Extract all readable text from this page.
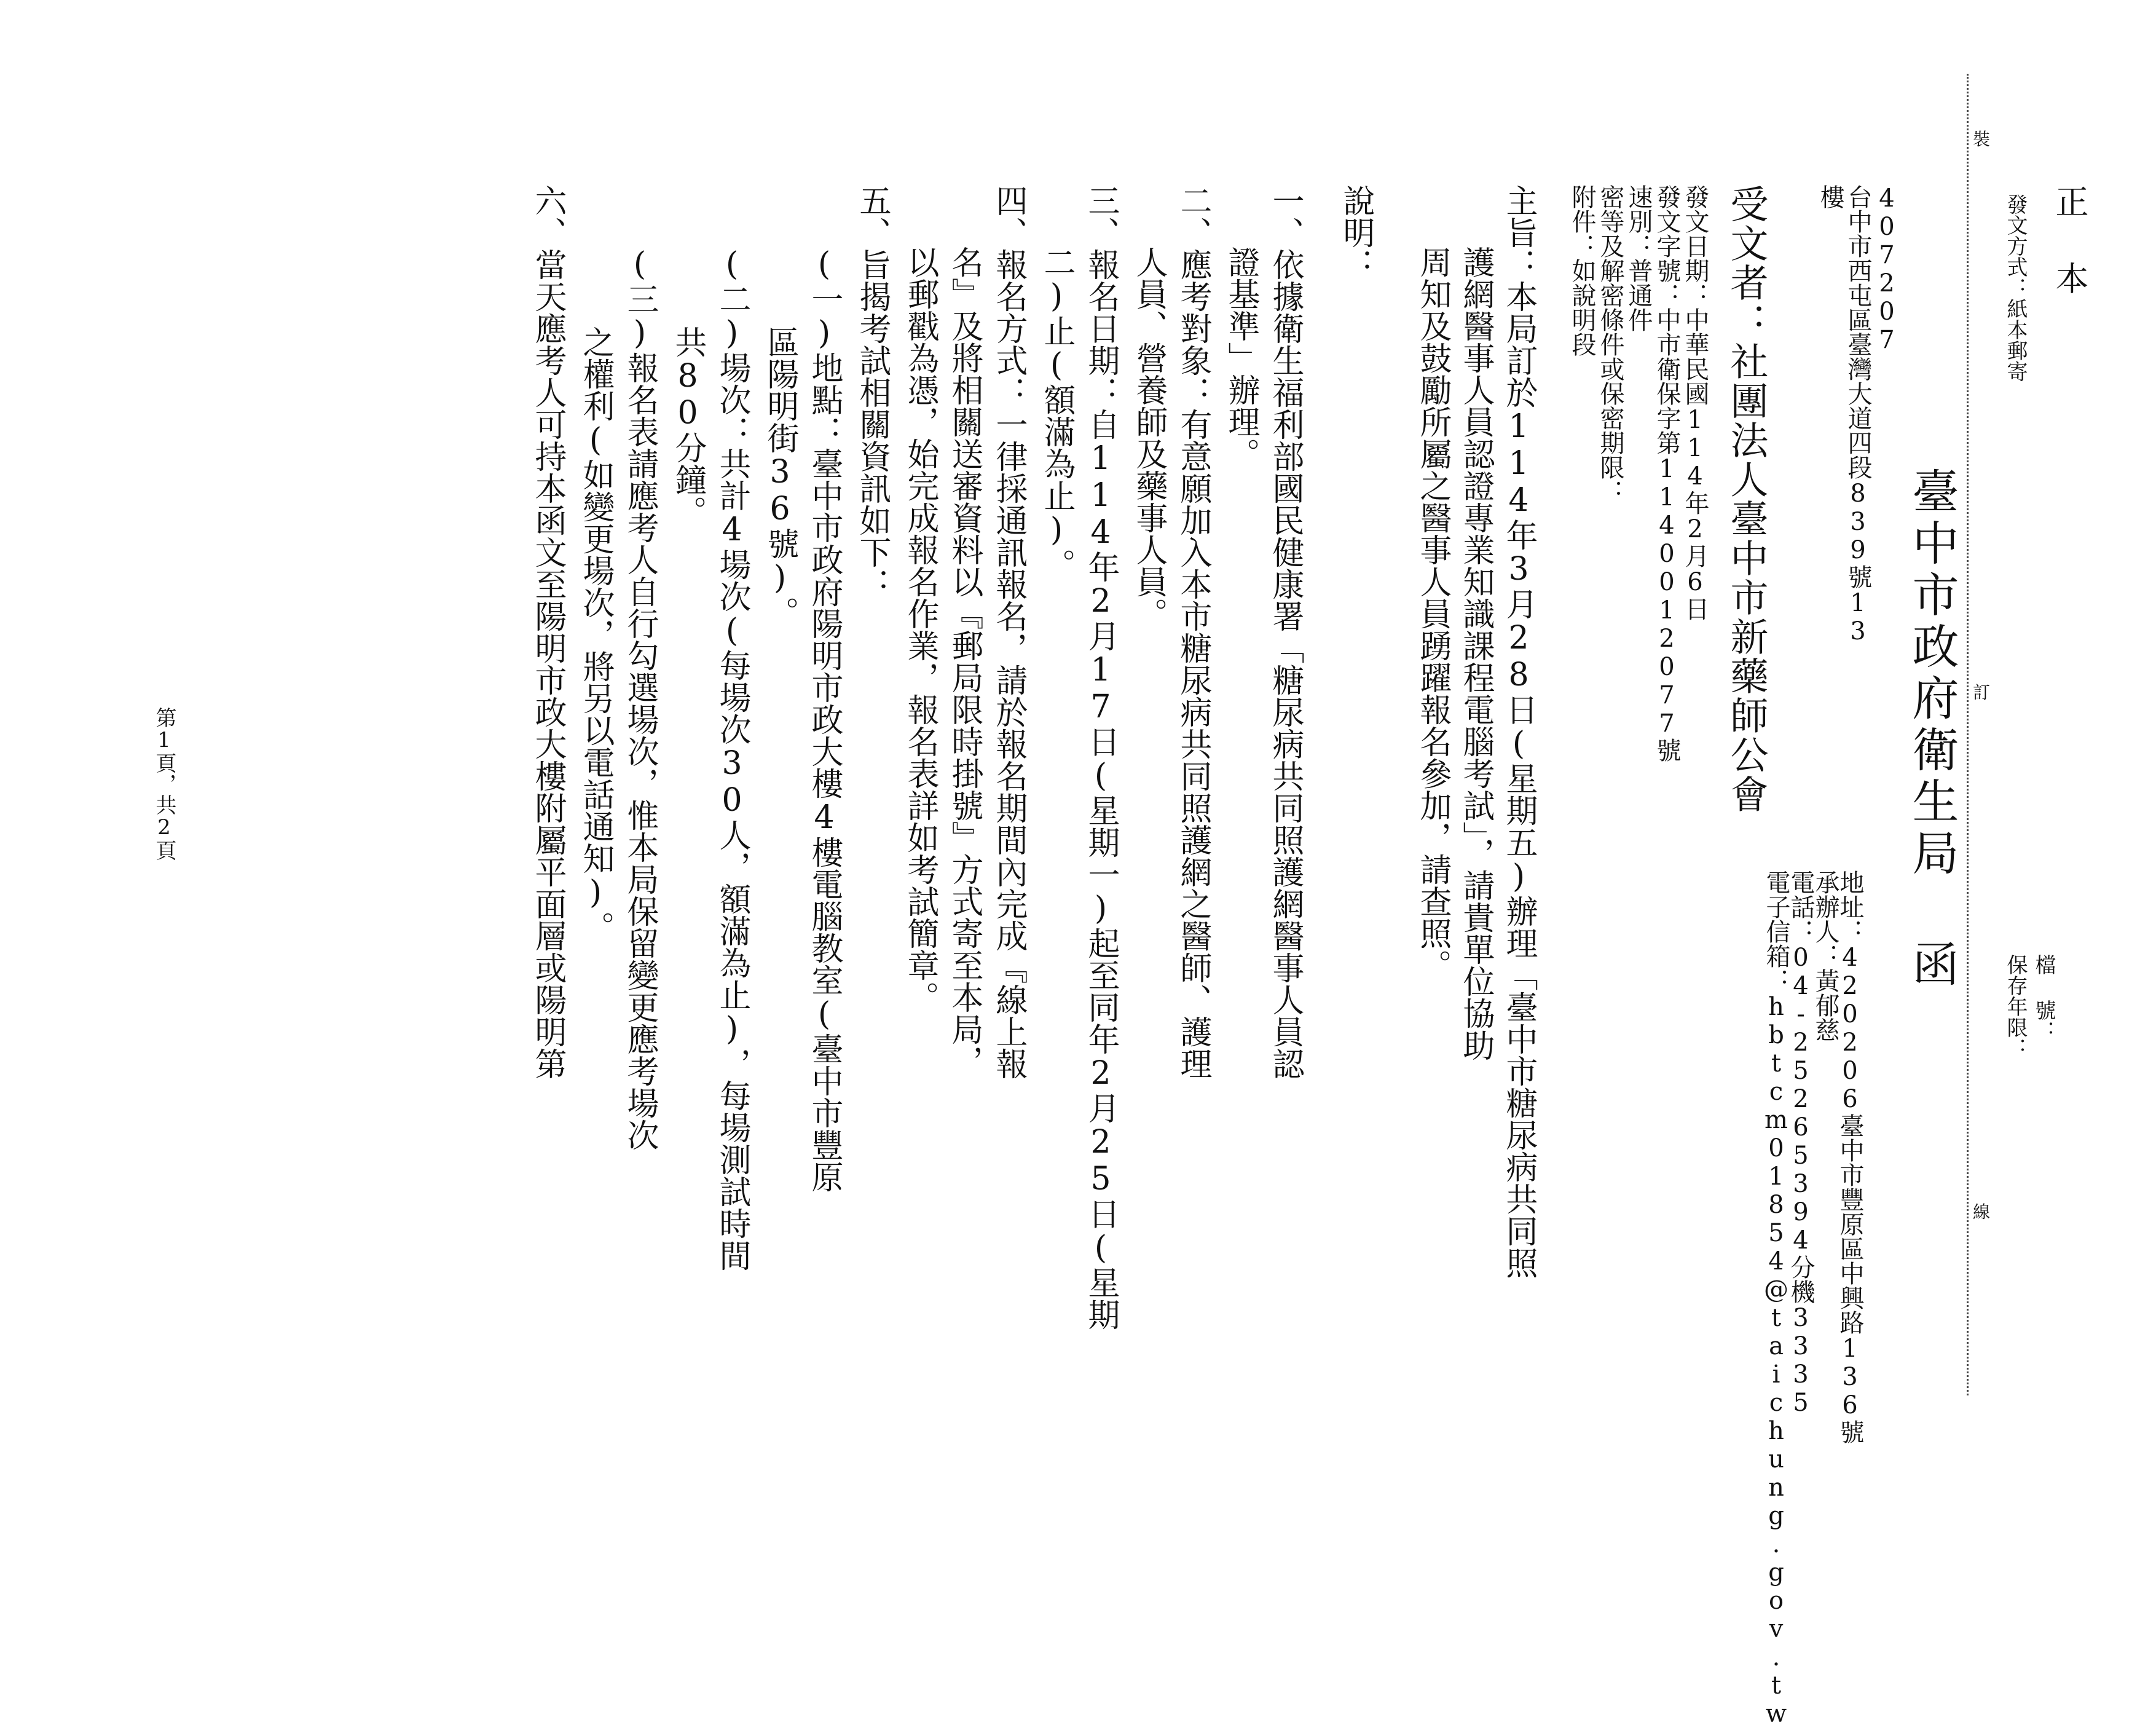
正 本
發文方式：紙本郵寄
裝
訂
線
檔 號：
保存年限：
臺中市政府衛生局 函
地址：420206臺中市豐原區中興路136號
承辦人：黃郁慈
電話：04-25265394分機3335
電子信箱：hbtcm01854@taichung.gov.tw
407207
台中市西屯區臺灣大道四段839號13
樓
受文者：社團法人臺中市新藥師公會
發文日期：中華民國114年2月6日
發文字號：中市衛保字第1140012077號
速別：普通件
密等及解密條件或保密期限：
附件：如說明段
主旨：本局訂於114年3月28日(星期五)辦理「臺中市糖尿病共同照
護網醫事人員認證專業知識課程電腦考試」，請貴單位協助
周知及鼓勵所屬之醫事人員踴躍報名參加，請查照。
說明：
一、依據衛生福利部國民健康署「糖尿病共同照護網醫事人員認
證基準」辦理。
二、應考對象：有意願加入本市糖尿病共同照護網之醫師、護理
人員、營養師及藥事人員。
三、報名日期：自114年2月17日(星期一)起至同年2月25日(星期
二)止(額滿為止)。
四、報名方式：一律採通訊報名，請於報名期間內完成『線上報
名』及將相關送審資料以『郵局限時掛號』方式寄至本局，
以郵戳為憑，始完成報名作業，報名表詳如考試簡章。
五、旨揭考試相關資訊如下：
(一)地點：臺中市政府陽明市政大樓4樓電腦教室(臺中市豐原
區陽明街36號)。
(二)場次：共計4場次(每場次30人，額滿為止)，每場測試時間
共80分鐘。
(三)報名表請應考人自行勾選場次，惟本局保留變更應考場次
之權利(如變更場次，將另以電話通知)。
六、當天應考人可持本函文至陽明市政大樓附屬平面層或陽明第
第1頁，共2頁
